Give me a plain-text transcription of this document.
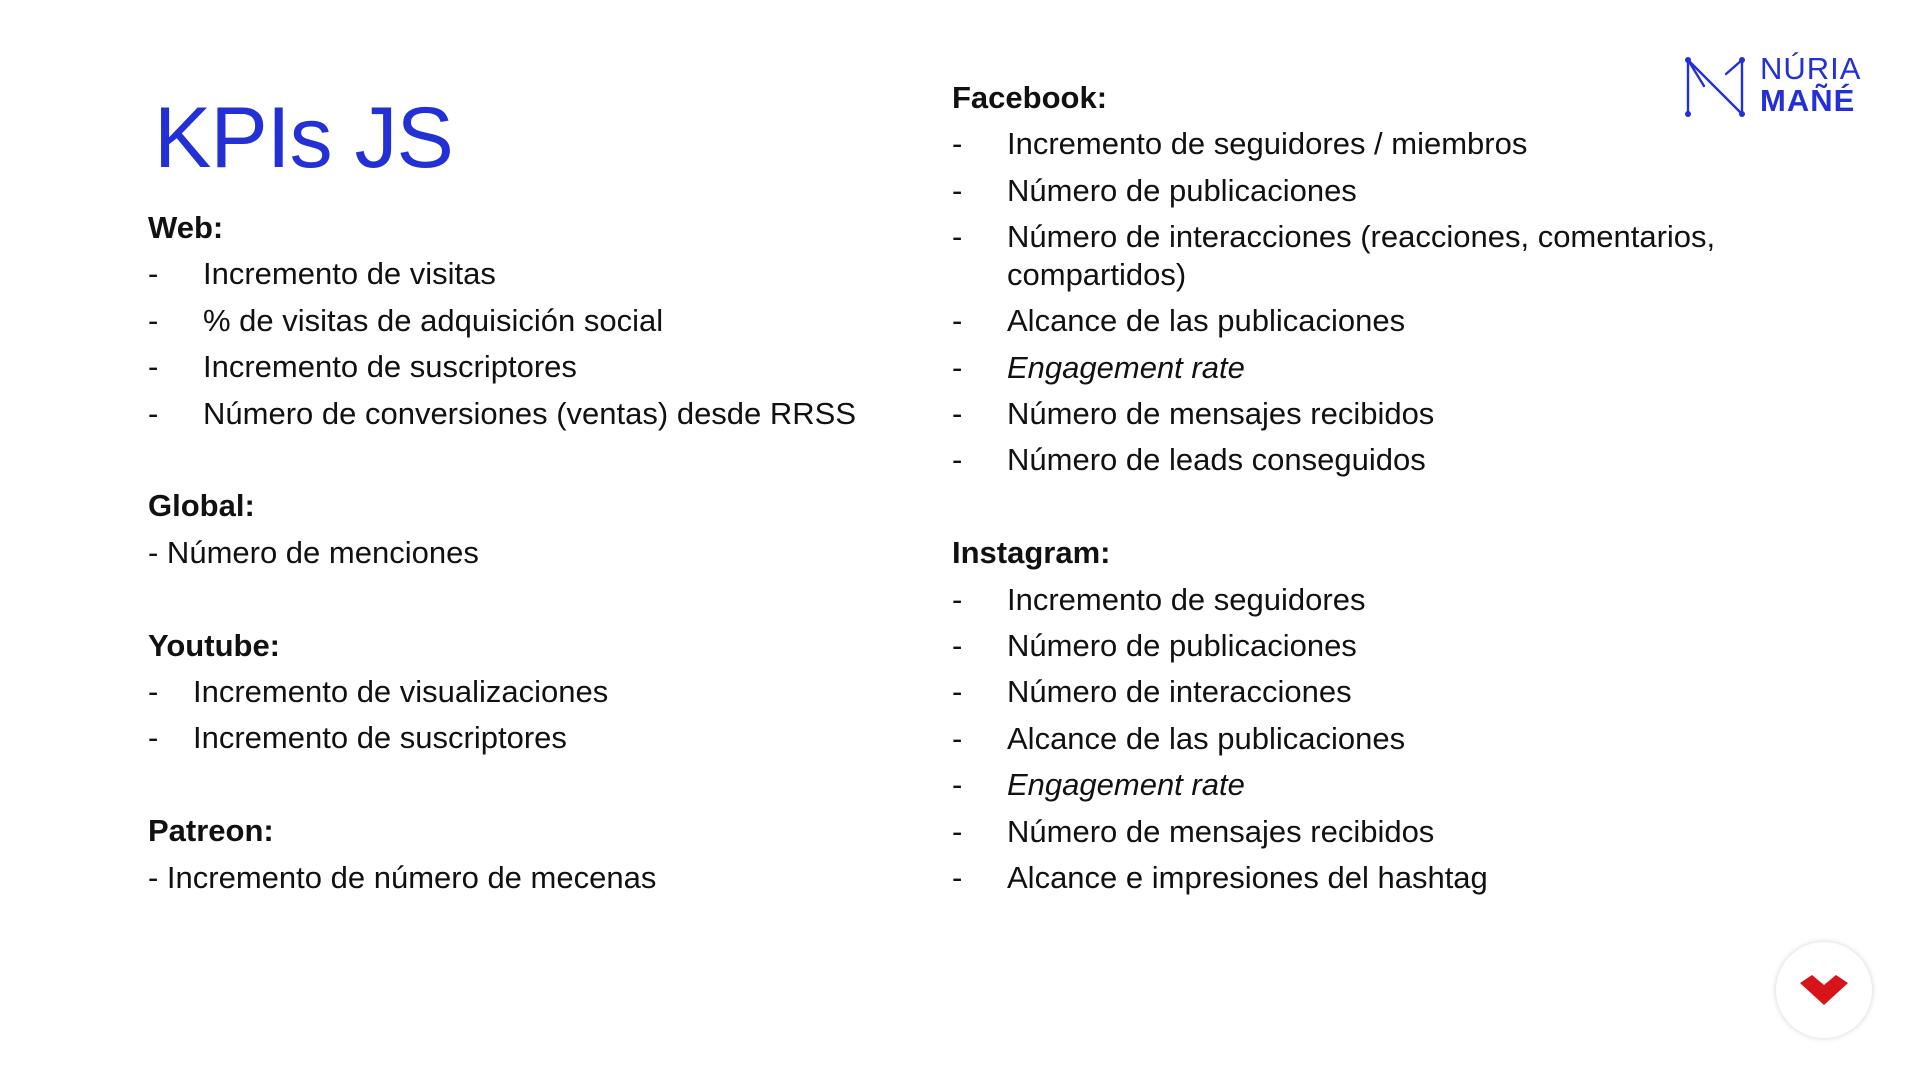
KPIs JS

Web:

- Incremento de visitas
- % de visitas de adquisición social
- Incremento de suscriptores
- Número de conversiones (ventas) desde RRSS

Global:

- Número de menciones

Youtube:

- Incremento de visualizaciones
- Incremento de suscriptores

Patreon:

- Incremento de número de mecenas

Facebook:

- Incremento de seguidores / miembros
- Número de publicaciones
- Número de interacciones (reacciones, comentarios, compartidos)
- Alcance de las publicaciones
- Engagement rate
- Número de mensajes recibidos
- Número de leads conseguidos

Instagram:

- Incremento de seguidores
- Número de publicaciones
- Número de interacciones
- Alcance de las publicaciones
- Engagement rate
- Número de mensajes recibidos
- Alcance e impresiones del hashtag
NÚRIA
MAÑÉ
